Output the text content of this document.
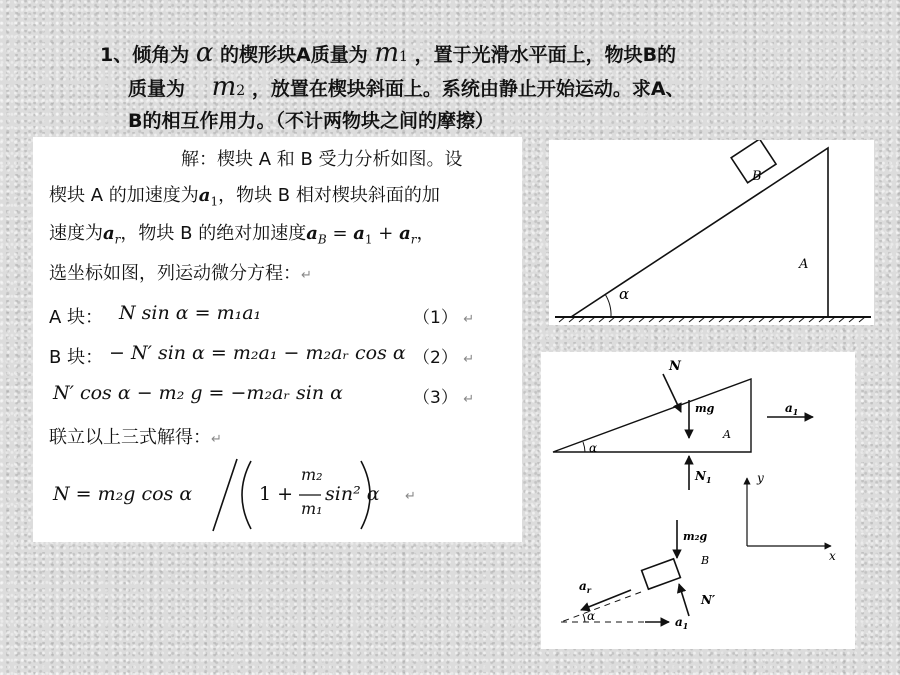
1、倾角为 α 的楔形块A质量为 m1 ，置于光滑水平面上，物块B的
质量为 m2 ，放置在楔块斜面上。系统由静止开始运动。求A、
B的相互作用力。（不计两物块之间的摩擦）
解：楔块 A 和 B 受力分析如图。设
楔块 A 的加速度为$a_1$，物块 B 相对楔块斜面的加
速度为$a_r$，物块 B 的绝对加速度$a_B = a_1 + a_r$，
选坐标如图，列运动微分方程：↵
A 块： N sin α = m₁a₁	（1） ↵
B 块： − N′ sin α = m₂a₁ − m₂aᵣ cos α （2） ↵
N′ cos α − m₂ g = −m₂aᵣ sin α	（3） ↵
联立以上三式解得：↵
N = m₂g cos α	1 +
m₂
m₁
sin² α ↵
α
B
A
α
N
mg
A
$a_1$
$N_1$	y
x
B
m₂g
N′
$a_r$
α	$a_1$
